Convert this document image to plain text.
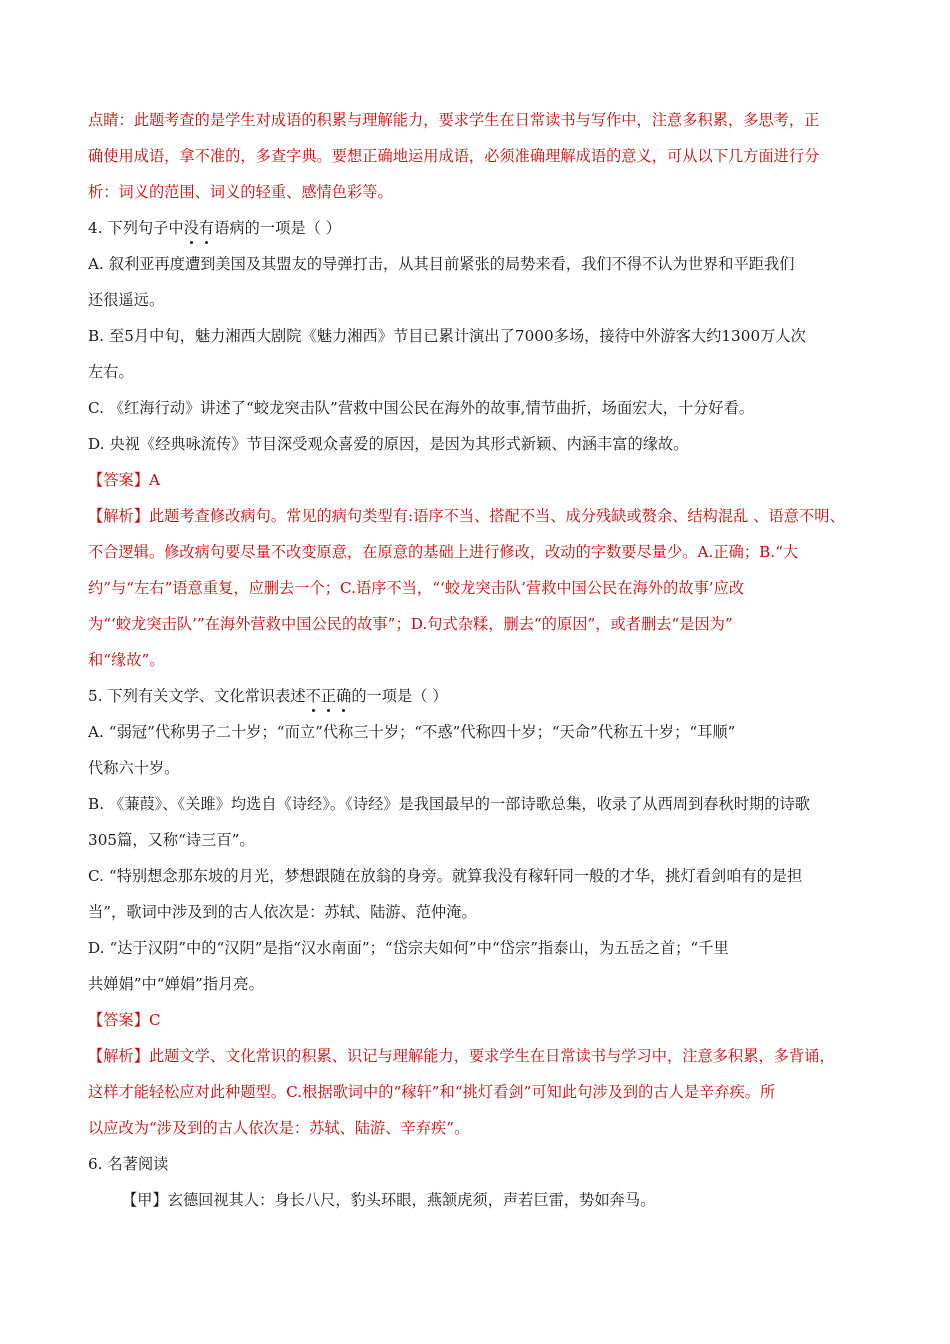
点睛：此题考查的是学生对成语的积累与理解能力，要求学生在日常读书与写作中，注意多积累，多思考，正
确使用成语，拿不准的，多查字典。要想正确地运用成语，必须准确理解成语的意义，可从以下几方面进行分
析：词义的范围、词义的轻重、感情色彩等。
4. 下列句子中没有语病的一项是（ ）
A. 叙利亚再度遭到美国及其盟友的导弹打击，从其目前紧张的局势来看，我们不得不认为世界和平距我们
还很遥远。
B. 至5月中旬，魅力湘西大剧院《魅力湘西》节目已累计演出了7000多场，接待中外游客大约1300万人次
左右。
C. 《红海行动》讲述了“蛟龙突击队”营救中国公民在海外的故事,情节曲折，场面宏大，十分好看。
D. 央视《经典咏流传》节目深受观众喜爱的原因，是因为其形式新颖、内涵丰富的缘故。
【答案】A
【解析】此题考查修改病句。常见的病句类型有:语序不当、搭配不当、成分残缺或赘余、结构混乱 、语意不明、
不合逻辑。修改病句要尽量不改变原意，在原意的基础上进行修改，改动的字数要尽量少。A.正确；B.“大
约”与“左右”语意重复，应删去一个；C.语序不当，“‘蛟龙突击队’营救中国公民在海外的故事’应改
为“‘蛟龙突击队’”在海外营救中国公民的故事”；D.句式杂糅，删去“的原因”，或者删去“是因为”
和“缘故”。
5. 下列有关文学、文化常识表述不正确的一项是（ ）
A. “弱冠”代称男子二十岁；“而立”代称三十岁；“不惑”代称四十岁；“天命”代称五十岁；“耳顺”
代称六十岁。
B. 《蒹葭》、《关雎》均选自《诗经》。《诗经》是我国最早的一部诗歌总集，收录了从西周到春秋时期的诗歌
305篇，又称“诗三百”。
C. “特别想念那东坡的月光，梦想跟随在放翁的身旁。就算我没有稼轩同一般的才华，挑灯看剑咱有的是担
当”，歌词中涉及到的古人依次是：苏轼、陆游、范仲淹。
D. “达于汉阴”中的“汉阴”是指“汉水南面”；“岱宗夫如何”中“岱宗”指泰山，为五岳之首；“千里
共婵娟”中“婵娟”指月亮。
【答案】C
【解析】此题文学、文化常识的积累、识记与理解能力，要求学生在日常读书与学习中，注意多积累，多背诵，
这样才能轻松应对此种题型。C.根据歌词中的“稼轩”和“挑灯看剑”可知此句涉及到的古人是辛弃疾。所
以应改为“涉及到的古人依次是：苏轼、陆游、辛弃疾”。
6. 名著阅读
【甲】玄德回视其人：身长八尺，豹头环眼，燕颔虎须，声若巨雷，势如奔马。
